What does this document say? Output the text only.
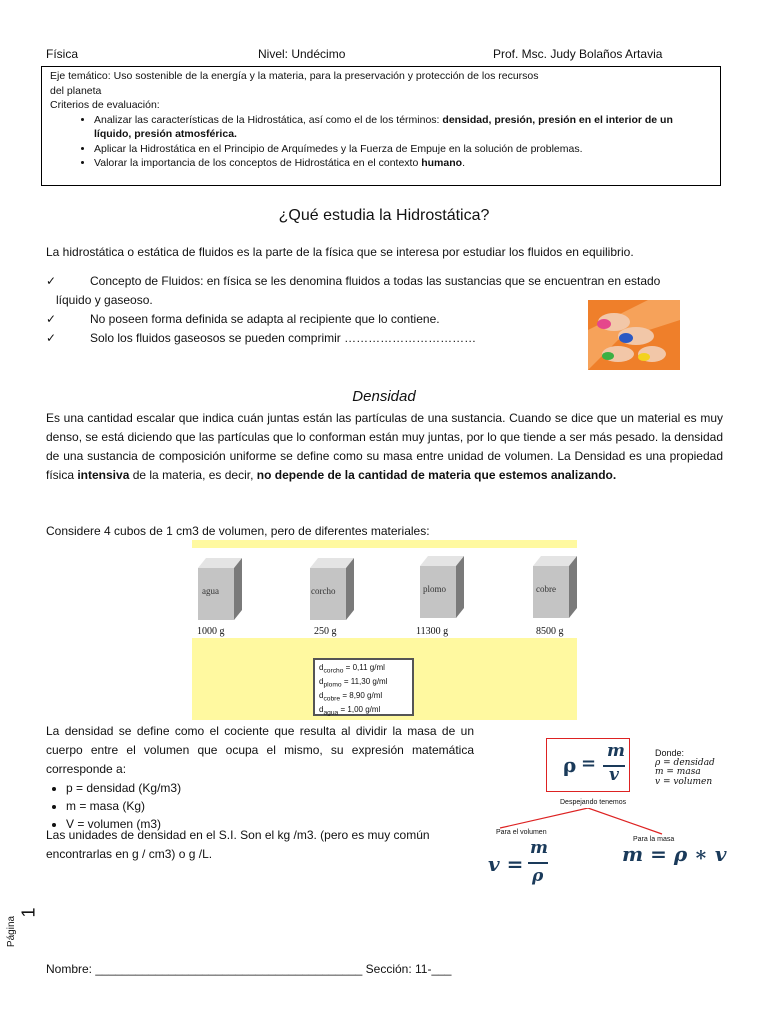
Física	Nivel: Undécimo	Prof. Msc. Judy Bolaños Artavia
Eje temático: Uso sostenible de la energía y la materia, para la preservación y protección de los recursos
del planeta
Criterios de evaluación:
• Analizar las características de la Hidrostática, así como el de los términos: densidad, presión, presión en el interior de un líquido, presión atmosférica.
• Aplicar la Hidrostática en el Principio de Arquímedes y la Fuerza de Empuje en la solución de problemas.
• Valorar la importancia de los conceptos de Hidrostática en el contexto humano.
¿Qué estudia la Hidrostática?
La hidrostática o estática de fluidos es la parte de la física que se interesa por estudiar los fluidos en equilibrio.
✓	Concepto de Fluidos: en física se les denomina fluidos a todas las sustancias que se encuentran en estado
líquido y gaseoso.
✓	No poseen forma definida se adapta al recipiente que lo contiene.
✓	Solo los fluidos gaseosos se pueden comprimir ……………………………
Densidad
Es una cantidad escalar que indica cuán juntas están las partículas de una sustancia. Cuando se dice que un material es muy denso, se está diciendo que las partículas que lo conforman están muy juntas, por lo que tiende a ser más pesado. la densidad de una sustancia de composición uniforme se define como su masa entre unidad de volumen. La Densidad es una propiedad física intensiva de la materia, es decir, no depende de la cantidad de materia que estemos analizando.
Considere 4 cubos de 1 cm3 de volumen, pero de diferentes materiales:
agua	corcho	plomo	cobre
1000 g	250 g	11300 g	8500 g
$d_{corcho} = 0,11$ g/ml
$d_{plomo} = 11,30$ g/ml
$d_{cobre} = 8,90$ g/ml
$d_{agua} = 1,00$ g/ml
La densidad se define como el cociente que resulta al dividir la masa de un cuerpo entre el volumen que ocupa el mismo, su expresión matemática corresponde a:
• p = densidad (Kg/m3)
• m = masa (Kg)
• V = volumen (m3)
Las unidades de densidad en el S.I. Son el kg /m3. (pero es muy común encontrarlas en g / cm3) o g /L.
ρ =
m
v
Donde:
ρ = densidad
m = masa
v = volumen
Despejando tenemos
Para el volumen
Para la masa
v =
m
ρ
m = ρ ∗ v
Página
1
Nombre: ________________________________________ Sección: 11-___
